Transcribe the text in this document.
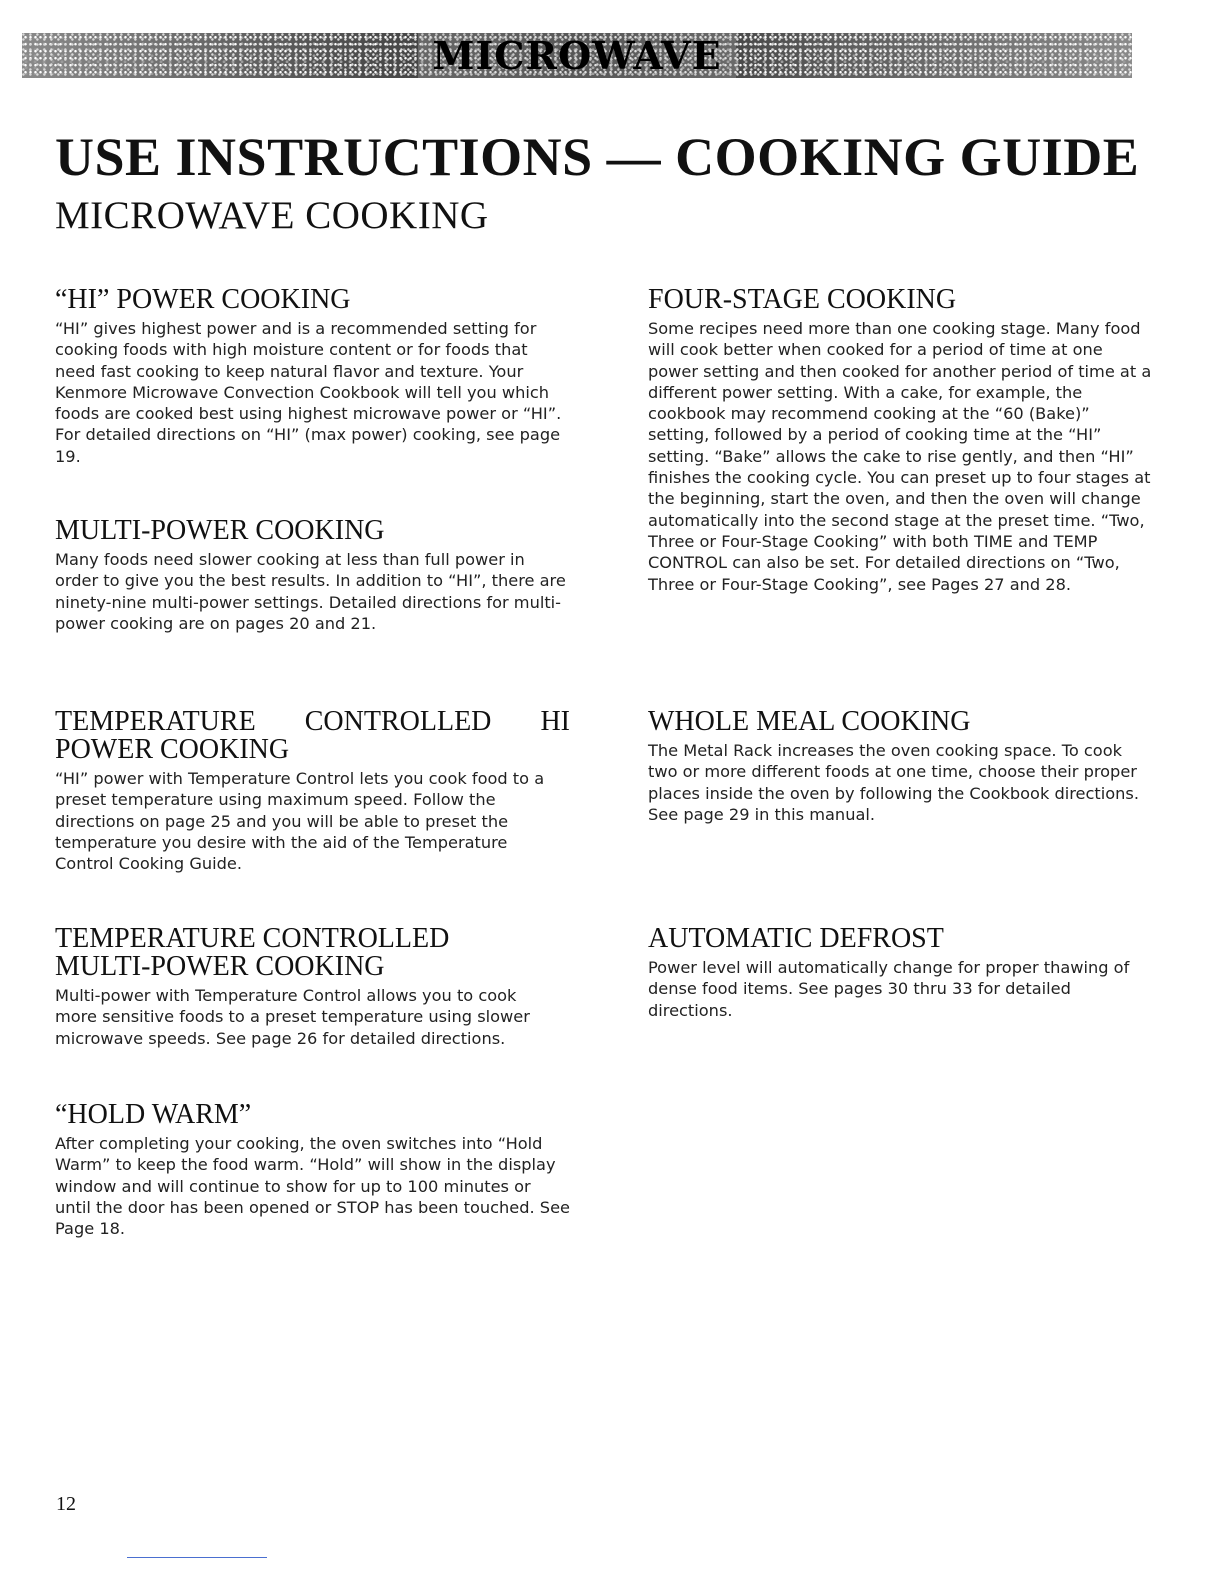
MICROWAVE
USE INSTRUCTIONS — COOKING GUIDE
MICROWAVE COOKING
“HI” POWER COOKING

“HI” gives highest power and is a recommended setting for cooking foods with high moisture content or for foods that need fast cooking to keep natural flavor and texture. Your Kenmore Microwave Convection Cookbook will tell you which foods are cooked best using highest microwave power or “HI”. For detailed directions on “HI” (max power) cooking, see page 19.

MULTI-POWER COOKING

Many foods need slower cooking at less than full power in order to give you the best results. In addition to “HI”, there are ninety-nine multi-power settings. Detailed directions for multi-power cooking are on pages 20 and 21.

TEMPERATURE CONTROLLED HI POWER COOKING

“HI” power with Temperature Control lets you cook food to a preset temperature using maximum speed. Follow the directions on page 25 and you will be able to preset the temperature you desire with the aid of the Temperature Control Cooking Guide.

TEMPERATURE CONTROLLED MULTI-POWER COOKING

Multi-power with Temperature Control allows you to cook more sensitive foods to a preset temperature using slower microwave speeds. See page 26 for detailed directions.

“HOLD WARM”

After completing your cooking, the oven switches into “Hold Warm” to keep the food warm. “Hold” will show in the display window and will continue to show for up to 100 minutes or until the door has been opened or STOP has been touched. See Page 18.

FOUR-STAGE COOKING

Some recipes need more than one cooking stage. Many food will cook better when cooked for a period of time at one power setting and then cooked for another period of time at a different power setting. With a cake, for example, the cookbook may recommend cooking at the “60 (Bake)” setting, followed by a period of cooking time at the “HI” setting. “Bake” allows the cake to rise gently, and then “HI” finishes the cooking cycle. You can preset up to four stages at the beginning, start the oven, and then the oven will change automatically into the second stage at the preset time. “Two, Three or Four-Stage Cooking” with both TIME and TEMP CONTROL can also be set. For detailed directions on “Two, Three or Four-Stage Cooking”, see Pages 27 and 28.

WHOLE MEAL COOKING

The Metal Rack increases the oven cooking space. To cook two or more different foods at one time, choose their proper places inside the oven by following the Cookbook directions. See page 29 in this manual.

AUTOMATIC DEFROST

Power level will automatically change for proper thawing of dense food items. See pages 30 thru 33 for detailed directions.

12
